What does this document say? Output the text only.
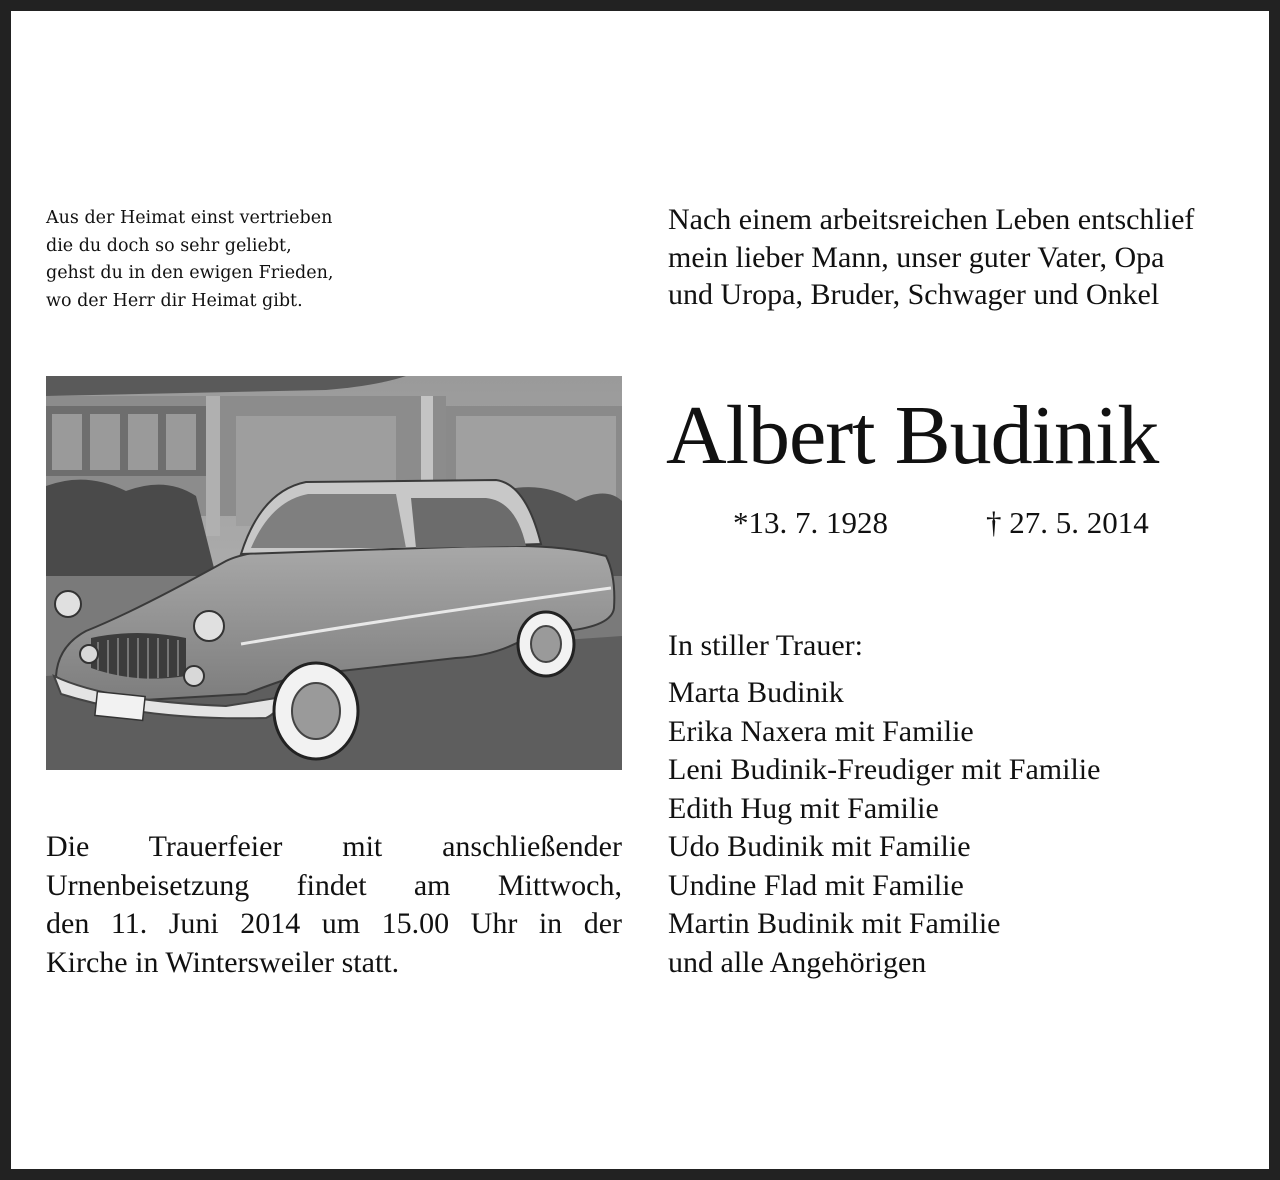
Aus der Heimat einst vertrieben
die du doch so sehr geliebt,
gehst du in den ewigen Frieden,
wo der Herr dir Heimat gibt.
Nach einem arbeitsreichen Leben entschlief
mein lieber Mann, unser guter Vater, Opa
und Uropa, Bruder, Schwager und Onkel
Albert Budinik
*13. 7. 1928	† 27. 5. 2014
In stiller Trauer:
Marta Budinik
Erika Naxera mit Familie
Leni Budinik-Freudiger mit Familie
Edith Hug mit Familie
Udo Budinik mit Familie
Undine Flad mit Familie
Martin Budinik mit Familie
und alle Angehörigen
Die Trauerfeier mit anschließender
Urnenbeisetzung findet am Mittwoch,
den 11. Juni 2014 um 15.00 Uhr in der
Kirche in Wintersweiler statt.
